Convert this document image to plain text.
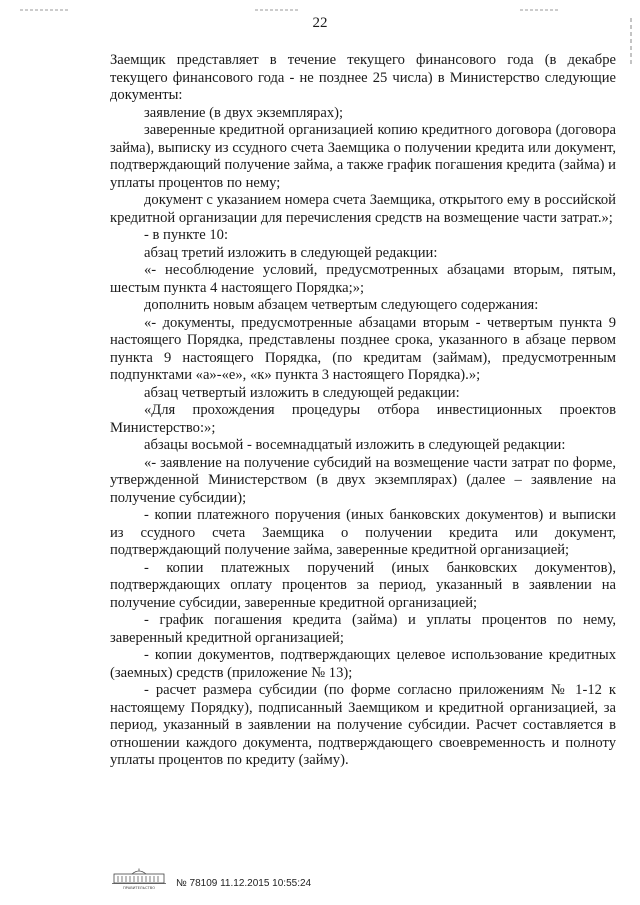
22

Заемщик представляет в течение текущего финансового года (в декабре текущего финансового года - не позднее 25 числа) в Министерство следующие документы:

заявление (в двух экземплярах);

заверенные кредитной организацией копию кредитного договора (договора займа), выписку из ссудного счета Заемщика о получении кредита или документ, подтверждающий получение займа, а также график погашения кредита (займа) и уплаты процентов по нему;

документ с указанием номера счета Заемщика, открытого ему в российской кредитной организации для перечисления средств на возмещение части затрат.»;

- в пункте 10:

абзац третий изложить в следующей редакции:

«- несоблюдение условий, предусмотренных абзацами вторым, пятым, шестым пункта 4 настоящего Порядка;»;

дополнить новым абзацем четвертым следующего содержания:

«- документы, предусмотренные абзацами вторым - четвертым пункта 9 настоящего Порядка, представлены позднее срока, указанного в абзаце первом пункта 9 настоящего Порядка, (по кредитам (займам), предусмотренным подпунктами «а»-«е», «к» пункта 3 настоящего Порядка).»;

абзац четвертый изложить в следующей редакции:

«Для прохождения процедуры отбора инвестиционных проектов Министерство:»;

абзацы восьмой - восемнадцатый изложить в следующей редакции:

«- заявление на получение субсидий на возмещение части затрат по форме, утвержденной Министерством (в двух экземплярах) (далее – заявление на получение субсидии);

- копии платежного поручения (иных банковских документов) и выписки из ссудного счета Заемщика о получении кредита или документ, подтверждающий получение займа, заверенные кредитной организацией;

- копии платежных поручений (иных банковских документов), подтверждающих оплату процентов за период, указанный в заявлении на получение субсидии, заверенные кредитной организацией;

- график погашения кредита (займа) и уплаты процентов по нему, заверенный кредитной организацией;

- копии документов, подтверждающих целевое использование кредитных (заемных) средств (приложение № 13);

- расчет размера субсидии (по форме согласно приложениям № 1-12 к настоящему Порядку), подписанный Заемщиком и кредитной организацией, за период, указанный в заявлении на получение субсидии. Расчет составляется в отношении каждого документа, подтверждающего своевременность и полноту уплаты процентов по кредиту (займу).

ПРАВИТЕЛЬСТВО № 78109 11.12.2015 10:55:24
